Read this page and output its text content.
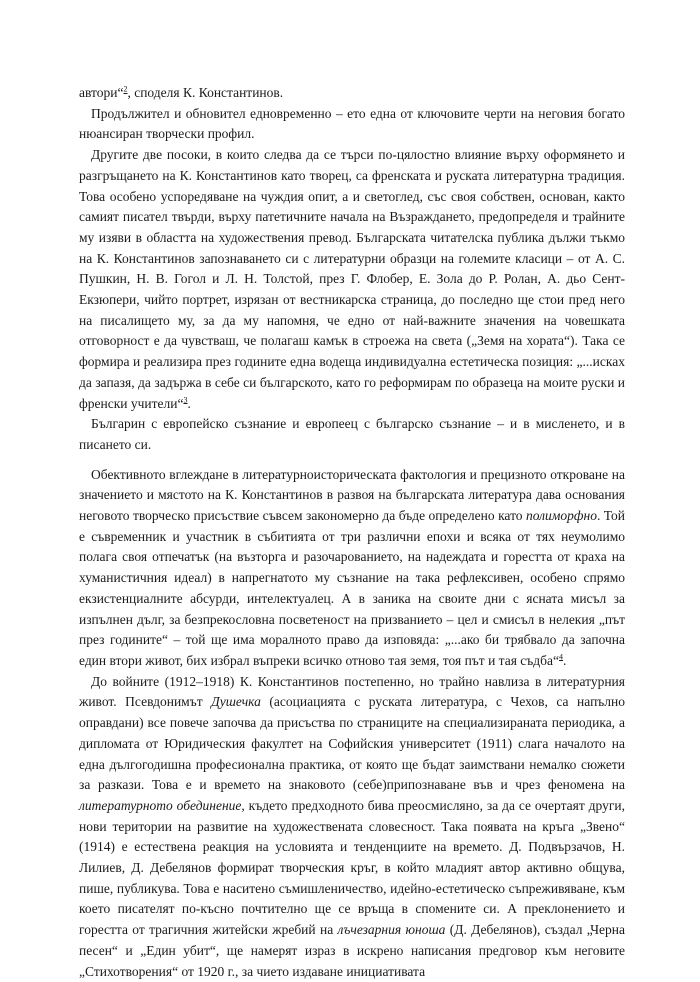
автори“$^2$, споделя К. Константинов.
Продължител и обновител едновременно – ето една от ключовите черти на неговия богато нюансиран творчески профил.
Другите две посоки, в които следва да се търси по-цялостно влияние върху оформянето и разгръщането на К. Константинов като творец, са френската и руската литературна традиция. Това особено успоредяване на чуждия опит, а и светоглед, със своя собствен, основан, както самият писател твърди, върху патетичните начала на Възраждането, предопределя и трайните му изяви в областта на художествения превод. Българската читателска публика дължи тъкмо на К. Константинов запознаването си с литературни образци на големите класици – от А. С. Пушкин, Н. В. Гогол и Л. Н. Толстой, през Г. Флобер, Е. Зола до Р. Ролан, А. дьо Сент-Екзюпери, чийто портрет, изрязан от вестникарска страница, до последно ще стои пред него на писалището му, за да му напомня, че едно от най-важните значения на човешката отговорност е да чувстваш, че полагаш камък в строежа на света („Земя на хората“). Така се формира и реализира през годините една водеща индивидуална естетическа позиция: „...исках да запазя, да задържа в себе си българското, като го реформирам по образеца на моите руски и френски учители“$^3$.
Българин с европейско съзнание и европеец с българско съзнание – и в мисленето, и в писането си.
Обективното вглеждане в литературноисторическата фактология и прецизното откроване на значението и мястото на К. Константинов в развоя на българската литература дава основания неговото творческо присъствие съвсем закономерно да бъде определено като полиморфно. Той е съвременник и участник в събитията от три различни епохи и всяка от тях неумолимо полага своя отпечатък (на възторга и разочарованието, на надеждата и горестта от краха на хуманистичния идеал) в напрегнатото му съзнание на така рефлексивен, особено спрямо екзистенциалните абсурди, интелектуалец. А в заника на своите дни с ясната мисъл за изпълнен дълг, за безпрекословна посветеност на призванието – цел и смисъл в нелекия „път през годините“ – той ще има моралното право да изповяда: „...ако би трябвало да започна един втори живот, бих избрал въпреки всичко отново тая земя, тоя път и тая съдба“$^4$.
До войните (1912–1918) К. Константинов постепенно, но трайно навлиза в литературния живот. Псевдонимът Душечка (асоциацията с руската литература, с Чехов, са напълно оправдани) все повече започва да присъства по страниците на специализираната периодика, а дипломата от Юридическия факултет на Софийския университет (1911) слага началото на една дългогодишна професионална практика, от която ще бъдат заимствани немалко сюжети за разкази. Това е и времето на знаковото (себе)припознаване във и чрез феномена на литературното обединение, където предходното бива преосмисляно, за да се очертаят други, нови територии на развитие на художествената словесност. Така появата на кръга „Звено“ (1914) е естествена реакция на условията и тенденциите на времето. Д. Подвързачов, Н. Лилиев, Д. Дебелянов формират творческия кръг, в който младият автор активно общува, пише, публикува. Това е наситено съмишленичество, идейно-естетическо съпреживяване, към което писателят по-късно почтително ще се връща в спомените си. А преклонението и горестта от трагичния житейски жребий на лъчезарния юноша (Д. Дебелянов), създал „Черна песен“ и „Един убит“, ще намерят израз в искрено написания предговор към неговите „Стихотворения“ от 1920 г., за чието издаване инициативата
